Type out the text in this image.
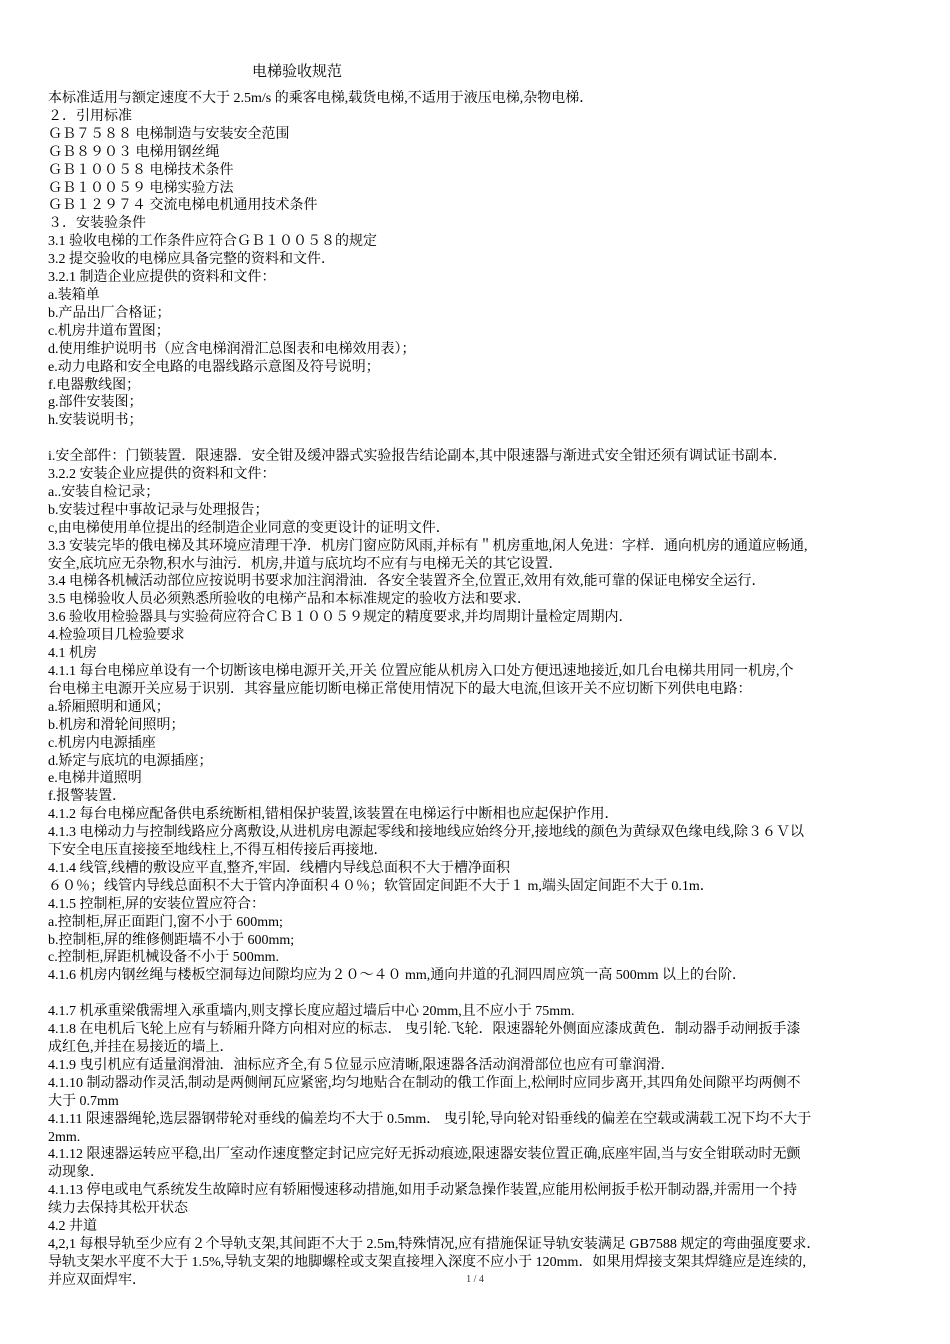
电梯验收规范
本标准适用与额定速度不大于 2.5m/s 的乘客电梯,载货电梯,不适用于液压电梯,杂物电梯．
２．引用标准
ＧＢ７５８８ 电梯制造与安装安全范围
ＧＢ８９０３ 电梯用钢丝绳
ＧＢ１００５８ 电梯技术条件
ＧＢ１００５９ 电梯实验方法
ＧＢ１２９７４ 交流电梯电机通用技术条件
３．安装验条件
3.1 验收电梯的工作条件应符合ＧＢ１００５８的规定
3.2 提交验收的电梯应具备完整的资料和文件．
3.2.1 制造企业应提供的资料和文件：
a.装箱单
b.产品出厂合格证；
c.机房井道布置图；
d.使用维护说明书（应含电梯润滑汇总图表和电梯效用表）；
e.动力电路和安全电路的电器线路示意图及符号说明；
f.电器敷线图；
g.部件安装图；
h.安装说明书；
i.安全部件：门锁装置．限速器．安全钳及缓冲器式实验报告结论副本,其中限速器与渐进式安全钳还须有调试证书副本．
3.2.2 安装企业应提供的资料和文件：
a..安装自检记录；
b.安装过程中事故记录与处理报告；
c,由电梯使用单位提出的经制造企业同意的变更设计的证明文件．
3.3 安装完毕的俄电梯及其环境应清理干净．机房门窗应防风雨,并标有＂机房重地,闲人免进：字样．通向机房的通道应畅通,
安全,底坑应无杂物,积水与油污．机房,井道与底坑均不应有与电梯无关的其它设置．
3.4 电梯各机械活动部位应按说明书要求加注润滑油．各安全装置齐全,位置正,效用有效,能可靠的保证电梯安全运行．
3.5 电梯验收人员必须熟悉所验收的电梯产品和本标准规定的验收方法和要求．
3.6 验收用检验器具与实验荷应符合ＣＢ１００５９规定的精度要求,并均周期计量检定周期内．
4.检验项目几检验要求
4.1 机房
4.1.1 每台电梯应单设有一个切断该电梯电源开关,开关 位置应能从机房入口处方便迅速地接近,如几台电梯共用同一机房,个
台电梯主电源开关应易于识别．其容量应能切断电梯正常使用情况下的最大电流,但该开关不应切断下列供电电路：
a.轿厢照明和通风；
b.机房和滑轮间照明；
c.机房内电源插座
d.矫定与底坑的电源插座；
e.电梯井道照明
f.报警装置．
4.1.2 每台电梯应配备供电系统断相,错相保护装置,该装置在电梯运行中断相也应起保护作用．
4.1.3 电梯动力与控制线路应分离敷设,从进机房电源起零线和接地线应始终分开,接地线的颜色为黄绿双色缘电线,除３６Ｖ以
下安全电压直接接至地线柱上,不得互相传接后再接地．
4.1.4 线管,线槽的敷设应平直,整齐,牢固．线槽内导线总面积不大于槽净面积
６０％；线管内导线总面积不大于管内净面积４０％；软管固定间距不大于１ m,端头固定间距不大于 0.1m．
4.1.5 控制柜,屏的安装位置应符合：
a.控制柜,屏正面距门,窗不小于 600mm;
b.控制柜,屏的维修侧距墙不小于 600mm;
c.控制柜,屏距机械设备不小于 500mm.
4.1.6 机房内钢丝绳与楼板空洞每边间隙均应为２０～４０ mm,通向井道的孔洞四周应筑一高 500mm 以上的台阶．
4.1.7 机承重梁俄需埋入承重墙内,则支撑长度应超过墙后中心 20mm,且不应小于 75mm.
4.1.8 在电机后飞轮上应有与轿厢升降方向相对应的标志． 曳引轮.飞轮．限速器轮外侧面应漆成黄色．制动器手动闸扳手漆
成红色,并挂在易接近的墙上．
4.1.9 曳引机应有适量润滑油．油标应齐全,有５位显示应清晰,限速器各活动润滑部位也应有可靠润滑．
4.1.10 制动器动作灵活,制动是两侧闸瓦应紧密,均匀地贴合在制动的俄工作面上,松闸时应同步离开,其四角处间隙平均两侧不
大于 0.7mm
4.1.11 限速器绳轮,选层器钢带轮对垂线的偏差均不大于 0.5mm． 曳引轮,导向轮对铅垂线的偏差在空载或满载工况下均不大于
2mm.
4.1.12 限速器运转应平稳,出厂室动作速度整定封记应完好无拆动痕迹,限速器安装位置正确,底座牢固,当与安全钳联动时无颤
动现象．
4.1.13 停电或电气系统发生故障时应有轿厢慢速移动措施,如用手动紧急操作装置,应能用松闸扳手松开制动器,并需用一个持
续力去保持其松开状态
4.2 井道
4,2,1 每根导轨至少应有２个导轨支架,其间距不大于 2.5m,特殊情况,应有措施保证导轨安装满足 GB7588 规定的弯曲强度要求．
导轨支架水平度不大于 1.5%,导轨支架的地脚螺栓或支架直接埋入深度不应小于 120mm．如果用焊接支架其焊缝应是连续的,
并应双面焊牢．	1 / 4
